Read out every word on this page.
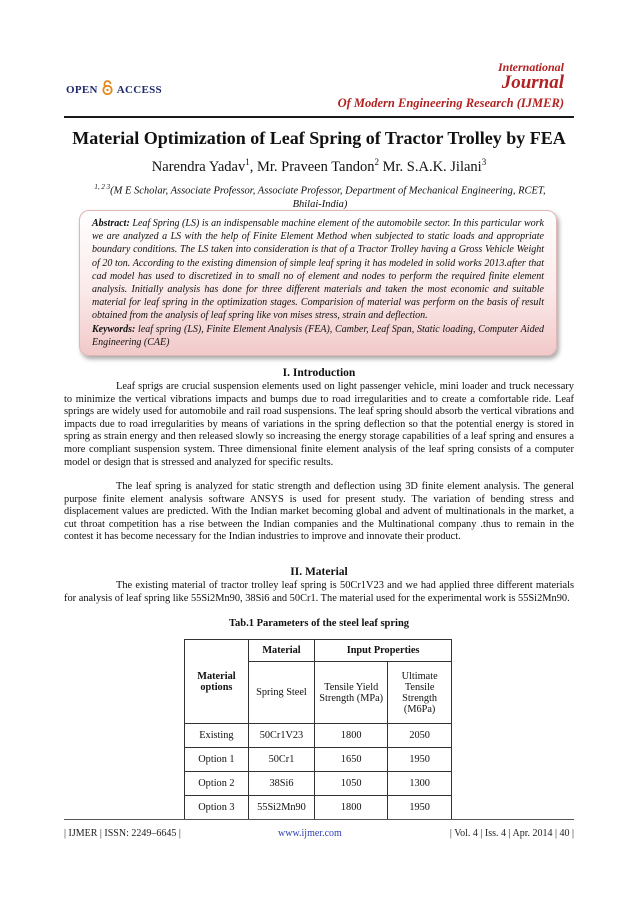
OPEN ACCESS
International
Journal
Of Modern Engineering Research (IJMER)
Material Optimization of Leaf Spring of Tractor Trolley by FEA
Narendra Yadav$^1$, Mr. Praveen Tandon$^2$ Mr. S.A.K. Jilani$^3$
$^{1, 2 3}$(M E Scholar, Associate Professor, Associate Professor, Department of Mechanical Engineering, RCET,
Bhilai-India)
Abstract: Leaf Spring (LS) is an indispensable machine element of the automobile sector. In this particular work we are analyzed a LS with the help of Finite Element Method when subjected to static loads and appropriate boundary conditions. The LS taken into consideration is that of a Tractor Trolley having a Gross Vehicle Weight of 20 ton. According to the existing dimension of simple leaf spring it has modeled in solid works 2013.after that cad model has used to discretized in to small no of element and nodes to perform the required finite element analysis. Initially analysis has done for three different materials and taken the most economic and suitable material for leaf spring in the optimization stages. Comparision of material was perform on the basis of result obtained from the analysis of leaf spring like von mises stress, strain and deflection.
Keywords: leaf spring (LS), Finite Element Analysis (FEA), Camber, Leaf Span, Static loading, Computer Aided Engineering (CAE)
I. Introduction
Leaf sprigs are crucial suspension elements used on light passenger vehicle, mini loader and truck necessary to minimize the vertical vibrations impacts and bumps due to road irregularities and to create a comfortable ride. Leaf springs are widely used for automobile and rail road suspensions. The leaf spring should absorb the vertical vibrations and impacts due to road irregularities by means of variations in the spring deflection so that the potential energy is stored in spring as strain energy and then released slowly so increasing the energy storage capabilities of a leaf spring and ensures a more compliant suspension system. Three dimensional finite element analysis of the leaf spring consists of a computer model or design that is stressed and analyzed for specific results.
The leaf spring is analyzed for static strength and deflection using 3D finite element analysis. The general purpose finite element analysis software ANSYS is used for present study. The variation of bending stress and displacement values are predicted. With the Indian market becoming global and advent of multinationals in the market, a cut throat competition has a rise between the Indian companies and the Multinational company .thus to remain in the contest it has become necessary for the Indian industries to improve and innovate their product.
II. Material
The existing material of tractor trolley leaf spring is 50Cr1V23 and we had applied three different materials for analysis of leaf spring like 55Si2Mn90, 38Si6 and 50Cr1. The material used for the experimental work is 55Si2Mn90.
Tab.1 Parameters of the steel leaf spring
Material options	Material	Input Properties	
	Spring Steel	Tensile Yield Strength (MPa)	Ultimate Tensile Strength (M6Pa)
Existing	50Cr1V23	1800	2050
Option 1	50Cr1	1650	1950
Option 2	38Si6	1050	1300
Option 3	55Si2Mn90	1800	1950
| IJMER | ISSN: 2249–6645 |	www.ijmer.com	| Vol. 4 | Iss. 4 | Apr. 2014 | 40 |
